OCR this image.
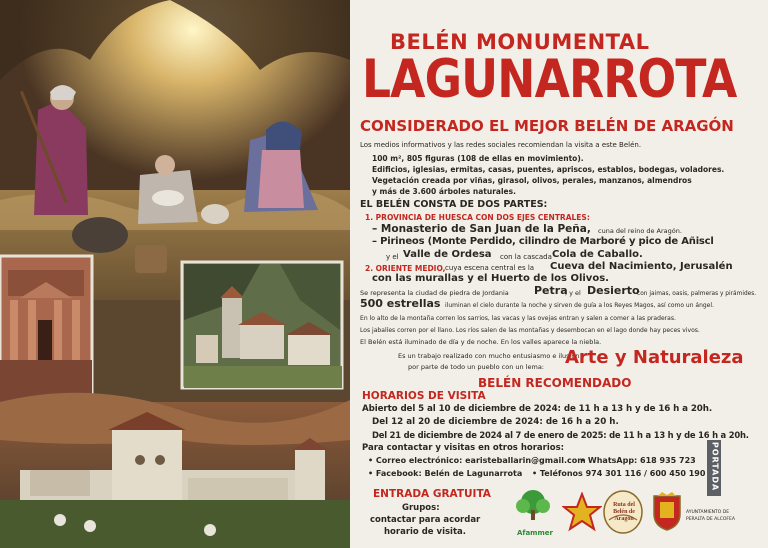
BELÉN MONUMENTAL
LAGUNARROTA
CONSIDERADO EL MEJOR BELÉN DE ARAGÓN
Los medios informativos y las redes sociales recomiendan la visita a este Belén.
100 m², 805 figuras (108 de ellas en movimiento).
Edificios, iglesias, ermitas, casas, puentes, apriscos, establos, bodegas, voladores.
Vegetación creada por viñas, girasol, olivos, perales, manzanos, almendros
y más de 3.600 árboles naturales.
EL BELÉN CONSTA DE DOS PARTES:
1. PROVINCIA DE HUESCA CON DOS EJES CENTRALES:
– Monasterio de San Juan de la Peña, cuna del reino de Aragón.
– Pirineos (Monte Perdido, cilindro de Marboré y pico de Añiscl
y el Valle de Ordesa con la cascada Cola de Caballo.
2. ORIENTE MEDIO, cuya escena central es la Cueva del Nacimiento, Jerusalén
con las murallas y el Huerto de los Olivos.
Se representa la ciudad de piedra de Jordania Petra
, y el Desierto
con jaimas, oasis, palmeras y pirámides.
500 estrellas iluminan el cielo durante la noche y sirven de guía a los Reyes Magos, así como un ángel.
En lo alto de la montaña corren los sarrios, las vacas y las ovejas entran y salen a comer a las praderas.
Los jabalíes corren por el llano. Los ríos salen de las montañas y desembocan en el lago donde hay peces vivos.
El Belén está iluminado de día y de noche. En los valles aparece la niebla.
Es un trabajo realizado con mucho entusiasmo e ilusión
por parte de todo un pueblo con un lema: Arte y Naturaleza
BELÉN RECOMENDADO
HORARIOS DE VISITA
Abierto del 5 al 10 de diciembre de 2024: de 11 h a 13 h y de 16 h a 20h.
Del 12 al 20 de diciembre de 2024: de 16 h a 20 h.
Del 21 de diciembre de 2024 al 7 de enero de 2025: de 11 h a 13 h y de 16 h a 20h.
Para contactar y visitas en otros horarios:
• Correo electrónico: earisteballarin@gmail.com
• WhatsApp: 618 935 723
• Facebook: Belén de Lagunarrota • Teléfonos 974 301 116 / 600 450 190
ENTRADA GRATUITA
Grupos:
contactar para acordar
horario de visita.	Afammer
Ruta del Belén de Aragón
AYUNTAMIENTO DE
PERALTA DE ALCOFEA
PORTADA
